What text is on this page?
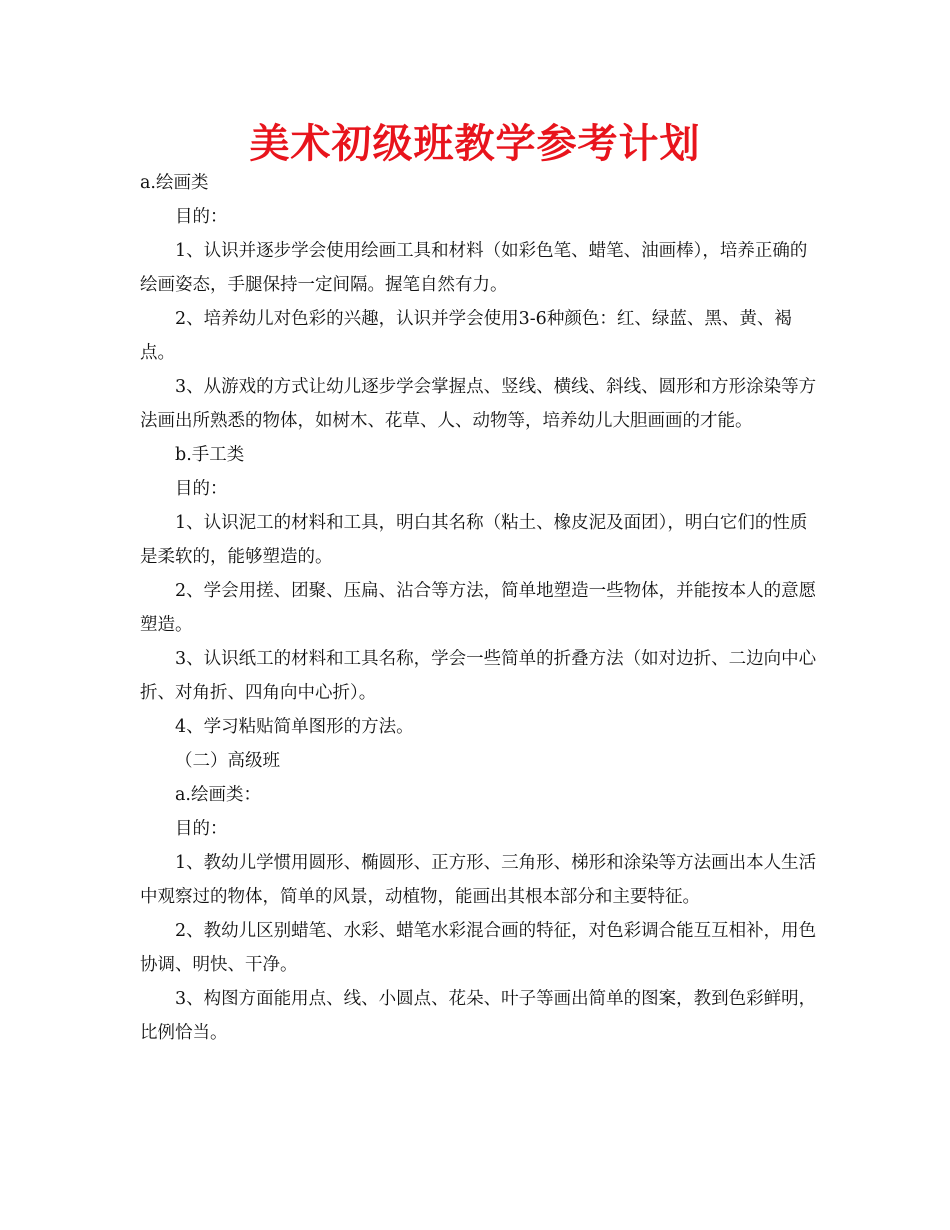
美术初级班教学参考计划

a.绘画类

目的：

1、认识并逐步学会使用绘画工具和材料（如彩色笔、蜡笔、油画棒），培养正确的绘画姿态，手腿保持一定间隔。握笔自然有力。

2、培养幼儿对色彩的兴趣，认识并学会使用3-6种颜色：红、绿蓝、黑、黄、褐点。

3、从游戏的方式让幼儿逐步学会掌握点、竖线、横线、斜线、圆形和方形涂染等方法画出所熟悉的物体，如树木、花草、人、动物等，培养幼儿大胆画画的才能。

b.手工类

目的：

1、认识泥工的材料和工具，明白其名称（粘土、橡皮泥及面团），明白它们的性质是柔软的，能够塑造的。

2、学会用搓、团聚、压扁、沾合等方法，简单地塑造一些物体，并能按本人的意愿塑造。

3、认识纸工的材料和工具名称，学会一些简单的折叠方法（如对边折、二边向中心折、对角折、四角向中心折）。

4、学习粘贴简单图形的方法。

（二）高级班

a.绘画类：

目的：

1、教幼儿学惯用圆形、椭圆形、正方形、三角形、梯形和涂染等方法画出本人生活中观察过的物体，简单的风景，动植物，能画出其根本部分和主要特征。

2、教幼儿区别蜡笔、水彩、蜡笔水彩混合画的特征，对色彩调合能互互相补，用色协调、明快、干净。

3、构图方面能用点、线、小圆点、花朵、叶子等画出简单的图案，教到色彩鲜明，比例恰当。
